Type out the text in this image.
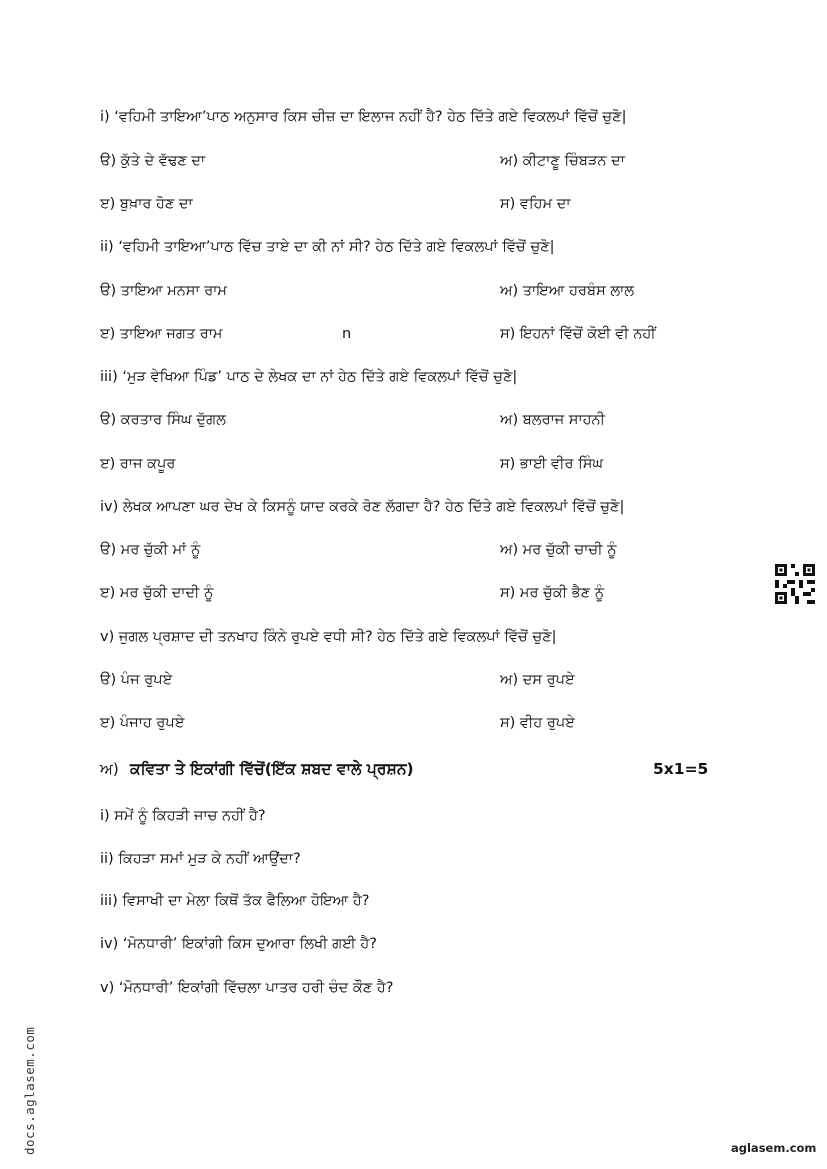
i) ‘ਵਹਿਮੀ ਤਾਇਆ’ਪਾਠ ਅਨੁਸਾਰ ਕਿਸ ਚੀਜ਼ ਦਾ ਇਲਾਜ ਨਹੀਂ ਹੈ? ਹੇਠ ਦਿੱਤੇ ਗਏ ਵਿਕਲਪਾਂ ਵਿੱਚੋਂ ਚੁਣੋ|
ੳ) ਕੁੱਤੇ ਦੇ ਵੱਢਣ ਦਾ	ਅ) ਕੀਟਾਣੂ ਚਿੰਬੜਨ ਦਾ
ੲ) ਬੁਖ਼ਾਰ ਹੋਣ ਦਾ	ਸ) ਵਹਿਮ ਦਾ
ii) ‘ਵਹਿਮੀ ਤਾਇਆ’ਪਾਠ ਵਿੱਚ ਤਾਏ ਦਾ ਕੀ ਨਾਂ ਸੀ? ਹੇਠ ਦਿੱਤੇ ਗਏ ਵਿਕਲਪਾਂ ਵਿੱਚੋਂ ਚੁਣੋ|
ੳ) ਤਾਇਆ ਮਨਸਾ ਰਾਮ	ਅ) ਤਾਇਆ ਹਰਬੰਸ ਲਾਲ
ੲ) ਤਾਇਆ ਜਗਤ ਰਾਮ	n	ਸ) ਇਹਨਾਂ ਵਿੱਚੋਂ ਕੋਈ ਵੀ ਨਹੀਂ
iii) ‘ਮੁੜ ਵੇਖਿਆ ਪਿੰਡ’ ਪਾਠ ਦੇ ਲੇਖਕ ਦਾ ਨਾਂ ਹੇਠ ਦਿੱਤੇ ਗਏ ਵਿਕਲਪਾਂ ਵਿੱਚੋਂ ਚੁਣੋ|
ੳ) ਕਰਤਾਰ ਸਿੰਘ ਦੁੱਗਲ	ਅ) ਬਲਰਾਜ ਸਾਹਨੀ
ੲ) ਰਾਜ ਕਪੂਰ	ਸ) ਭਾਈ ਵੀਰ ਸਿੰਘ
iv) ਲੇਖਕ ਆਪਣਾ ਘਰ ਦੇਖ ਕੇ ਕਿਸਨੂੰ ਯਾਦ ਕਰਕੇ ਰੋਣ ਲੱਗਦਾ ਹੈ? ਹੇਠ ਦਿੱਤੇ ਗਏ ਵਿਕਲਪਾਂ ਵਿੱਚੋਂ ਚੁਣੋ|
ੳ) ਮਰ ਚੁੱਕੀ ਮਾਂ ਨੂੰ	ਅ) ਮਰ ਚੁੱਕੀ ਚਾਚੀ ਨੂੰ
ੲ) ਮਰ ਚੁੱਕੀ ਦਾਦੀ ਨੂੰ	ਸ) ਮਰ ਚੁੱਕੀ ਭੈਣ ਨੂੰ
v) ਜੁਗਲ ਪ੍ਰਸ਼ਾਦ ਦੀ ਤਨਖਾਹ ਕਿੰਨੇ ਰੁਪਏ ਵਧੀ ਸੀ? ਹੇਠ ਦਿੱਤੇ ਗਏ ਵਿਕਲਪਾਂ ਵਿੱਚੋਂ ਚੁਣੋ|
ੳ) ਪੰਜ ਰੁਪਏ	ਅ) ਦਸ ਰੁਪਏ
ੲ) ਪੰਜਾਹ ਰੁਪਏ	ਸ) ਵੀਹ ਰੁਪਏ
ਅ) ਕਵਿਤਾ ਤੇ ਇਕਾਂਗੀ ਵਿੱਚੋਂ(ਇੱਕ ਸ਼ਬਦ ਵਾਲੇ ਪ੍ਰਸ਼ਨ)	5x1=5
i) ਸਮੇਂ ਨੂੰ ਕਿਹੜੀ ਜਾਚ ਨਹੀਂ ਹੈ?
ii) ਕਿਹੜਾ ਸਮਾਂ ਮੁੜ ਕੇ ਨਹੀਂ ਆਉਂਦਾ?
iii) ਵਿਸਾਖੀ ਦਾ ਮੇਲਾ ਕਿਥੋਂ ਤੱਕ ਫੈਲਿਆ ਹੋਇਆ ਹੈ?
iv) ‘ਮੋਨਧਾਰੀ’ ਇਕਾਂਗੀ ਕਿਸ ਦੁਆਰਾ ਲਿਖੀ ਗਈ ਹੈ?
v) ‘ਮੋਨਧਾਰੀ’ ਇਕਾਂਗੀ ਵਿੱਚਲਾ ਪਾਤਰ ਹਰੀ ਚੰਦ ਕੌਣ ਹੈ?
docs.aglasem.com	aglasem.com
